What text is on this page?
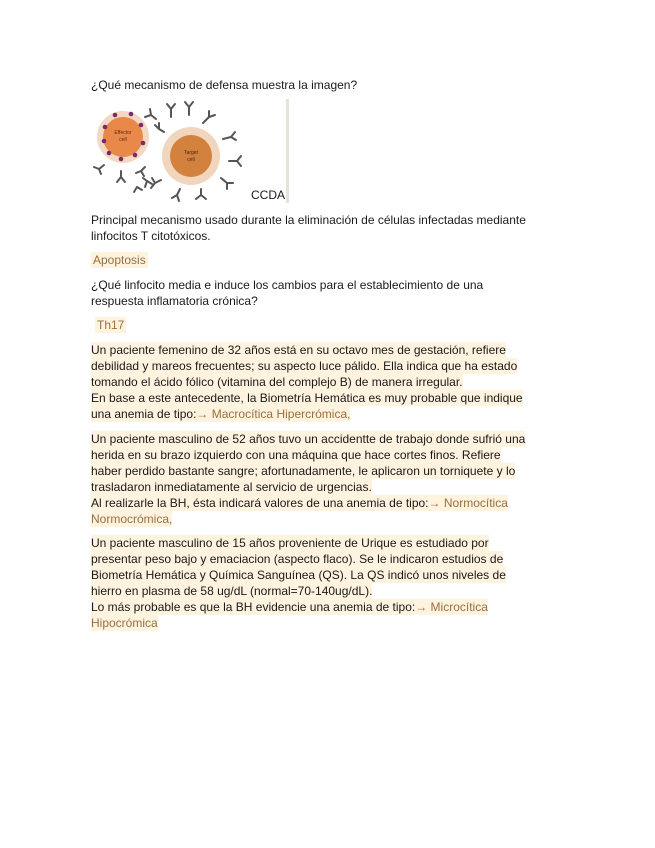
¿Qué mecanismo de defensa muestra la imagen?
Effector
cell
Target
cell
CCDA
Principal mecanismo usado durante la eliminación de células infectadas mediante
linfocitos T citotóxicos.
Apoptosis
¿Qué linfocito media e induce los cambios para el establecimiento de una
respuesta inflamatoria crónica?
Th17
Un paciente femenino de 32 años está en su octavo mes de gestación, refiere
debilidad y mareos frecuentes; su aspecto luce pálido. Ella indica que ha estado
tomando el ácido fólico (vitamina del complejo B) de manera irregular.
En base a este antecedente, la Biometría Hemática es muy probable que indique
una anemia de tipo:→ Macrocítica Hipercrómica,
Un paciente masculino de 52 años tuvo un accidentte de trabajo donde sufrió una
herida en su brazo izquierdo con una máquina que hace cortes finos. Refiere
haber perdido bastante sangre; afortunadamente, le aplicaron un torniquete y lo
trasladaron inmediatamente al servicio de urgencias.
Al realizarle la BH, ésta indicará valores de una anemia de tipo:→ Normocítica
Normocrómica,
Un paciente masculino de 15 años proveniente de Urique es estudiado por
presentar peso bajo y emaciacion (aspecto flaco). Se le indicaron estudios de
Biometría Hemática y Química Sanguínea (QS). La QS indicó unos niveles de
hierro en plasma de 58 ug/dL (normal=70-140ug/dL).
Lo más probable es que la BH evidencie una anemia de tipo:→ Microcítica
Hipocrómica
